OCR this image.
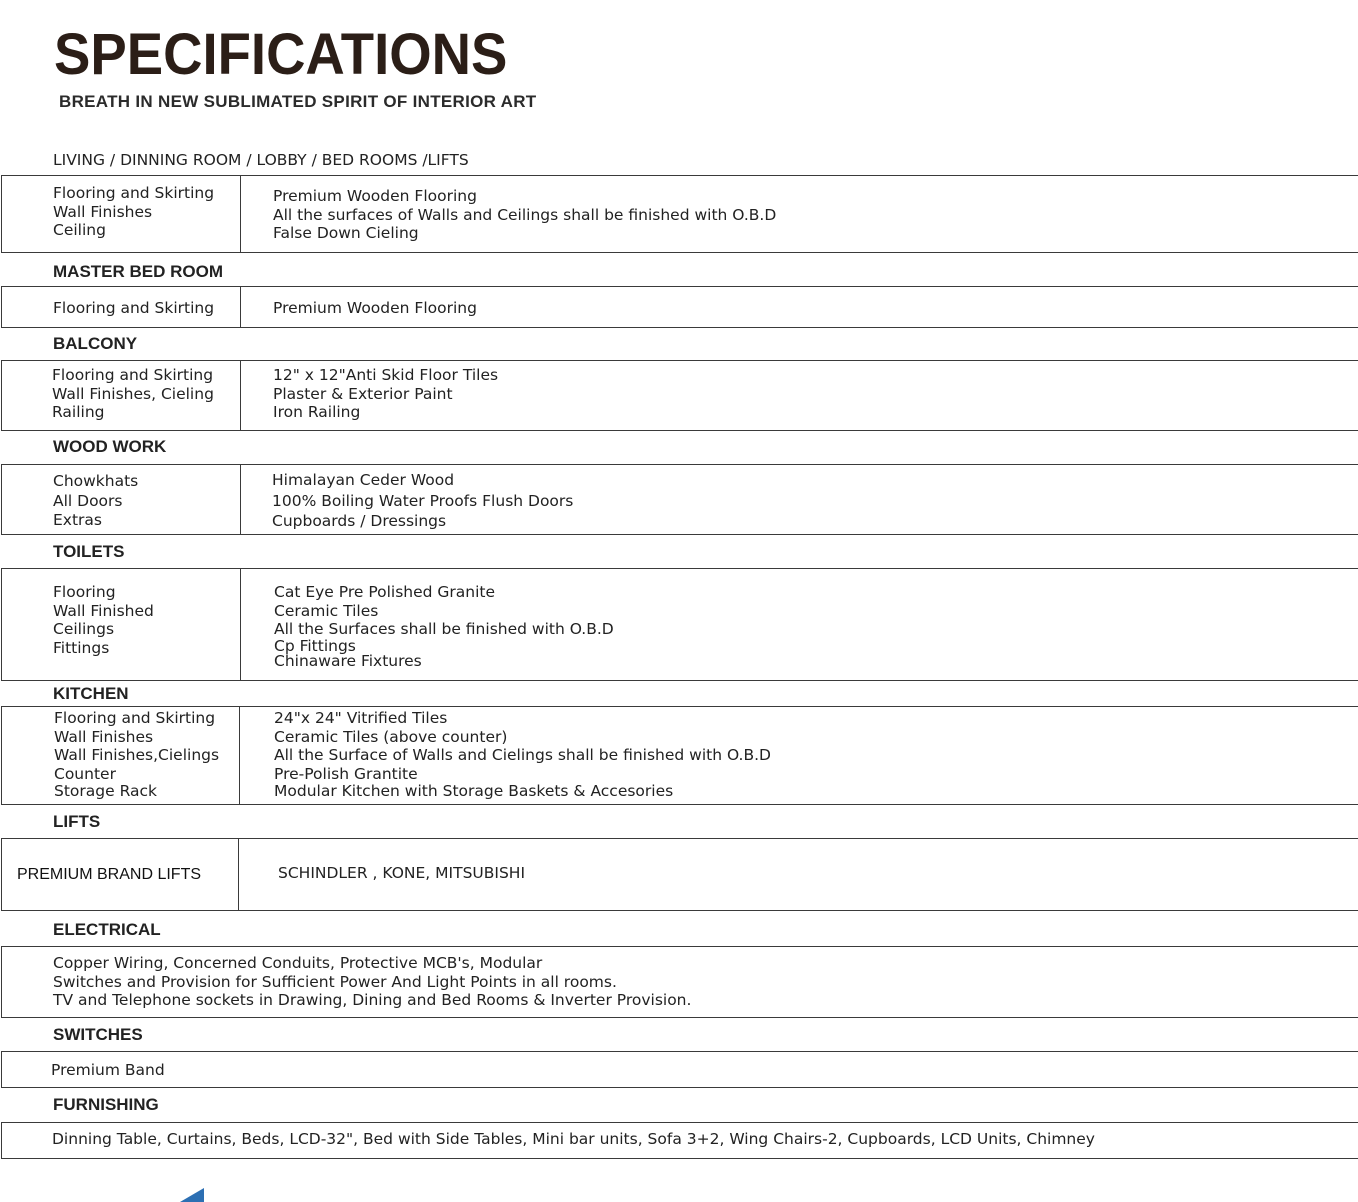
SPECIFICATIONS

BREATH IN NEW SUBLIMATED SPIRIT OF INTERIOR ART

LIVING / DINNING ROOM / LOBBY / BED ROOMS /LIFTS

Flooring and Skirting
Wall Finishes
Ceiling
Premium Wooden Flooring
All the surfaces of Walls and Ceilings shall be finished with O.B.D
False Down Cieling

MASTER BED ROOM

Flooring and Skirting	Premium Wooden Flooring

BALCONY

Flooring and Skirting
Wall Finishes, Cieling
Railing
12" x 12"Anti Skid Floor Tiles
Plaster & Exterior Paint
Iron Railing

WOOD WORK

Chowkhats
All Doors
Extras
Himalayan Ceder Wood
100% Boiling Water Proofs Flush Doors
Cupboards / Dressings

TOILETS

Flooring
Wall Finished
Ceilings
Fittings
Cat Eye Pre Polished Granite
Ceramic Tiles
All the Surfaces shall be finished with O.B.D
Cp Fittings
Chinaware Fixtures

KITCHEN

Flooring and Skirting
Wall Finishes
Wall Finishes,Cielings
Counter
Storage Rack
24"x 24" Vitrified Tiles
Ceramic Tiles (above counter)
All the Surface of Walls and Cielings shall be finished with O.B.D
Pre-Polish Grantite
Modular Kitchen with Storage Baskets & Accesories

LIFTS

PREMIUM BRAND LIFTS	SCHINDLER , KONE, MITSUBISHI

ELECTRICAL

Copper Wiring, Concerned Conduits, Protective MCB's, Modular
Switches and Provision for Sufficient Power And Light Points in all rooms.
TV and Telephone sockets in Drawing, Dining and Bed Rooms & Inverter Provision.

SWITCHES

Premium Band

FURNISHING

Dinning Table, Curtains, Beds, LCD-32", Bed with Side Tables, Mini bar units, Sofa 3+2, Wing Chairs-2, Cupboards, LCD Units, Chimney
